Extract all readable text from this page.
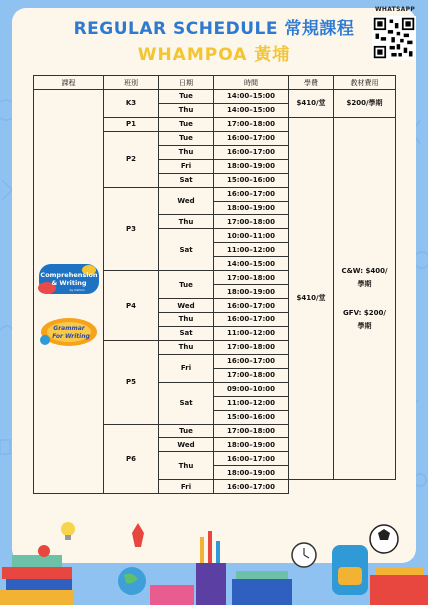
WHATSAPP
REGULAR SCHEDULE 常規課程
WHAMPOA 黃埔
課程	班別	日期	時間	學費	教材費用
	K3	Tue	14:00–15:00	$410/堂	$200/學期
		Thu	14:00–15:00		
	P1	Tue	17:00–18:00	$410/堂	C&W: $400/學期
GFV: $200/學期

	P2	Tue	16:00–17:00		
		Thu	16:00–17:00		
		Fri	18:00–19:00		
		Sat	15:00–16:00		
	P3	Wed	16:00–17:00		
			18:00–19:00		
		Thu	17:00–18:00		
		Sat	10:00–11:00		
			11:00–12:00		
			14:00–15:00		
	P4	Tue	17:00–18:00		
			18:00–19:00		
		Wed	16:00–17:00		
		Thu	16:00–17:00		
		Sat	11:00–12:00		
	P5	Thu	17:00–18:00		
		Fri	16:00–17:00		
			17:00–18:00		
		Sat	09:00–10:00		
			11:00–12:00		
			15:00–16:00		
	P6	Tue	17:00–18:00		
		Wed	18:00–19:00		
		Thu	16:00–17:00		
			18:00–19:00		
		Fri	16:00–17:00		
Comprehension
& Writing
by Oxford
Grammar
For Writing
